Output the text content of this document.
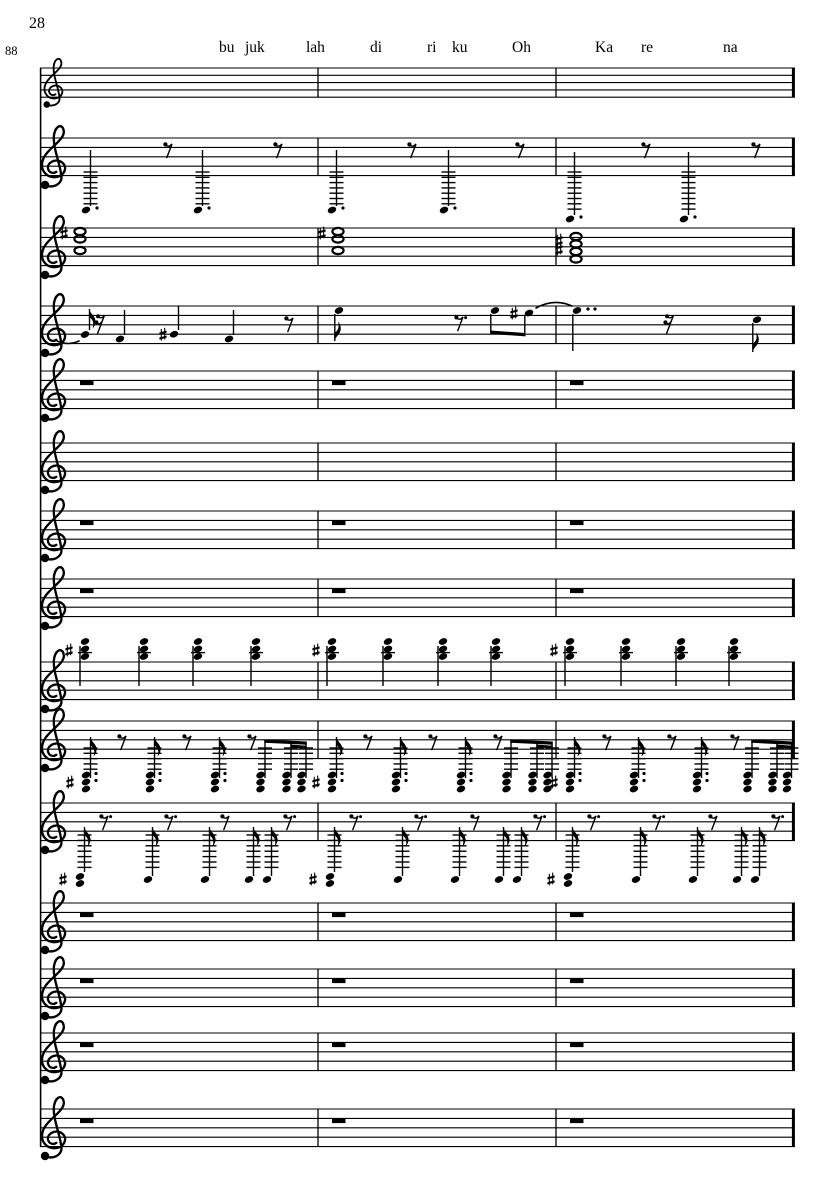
28
88	bu juk	lah	di	ri ku	Oh	Ka re	na
